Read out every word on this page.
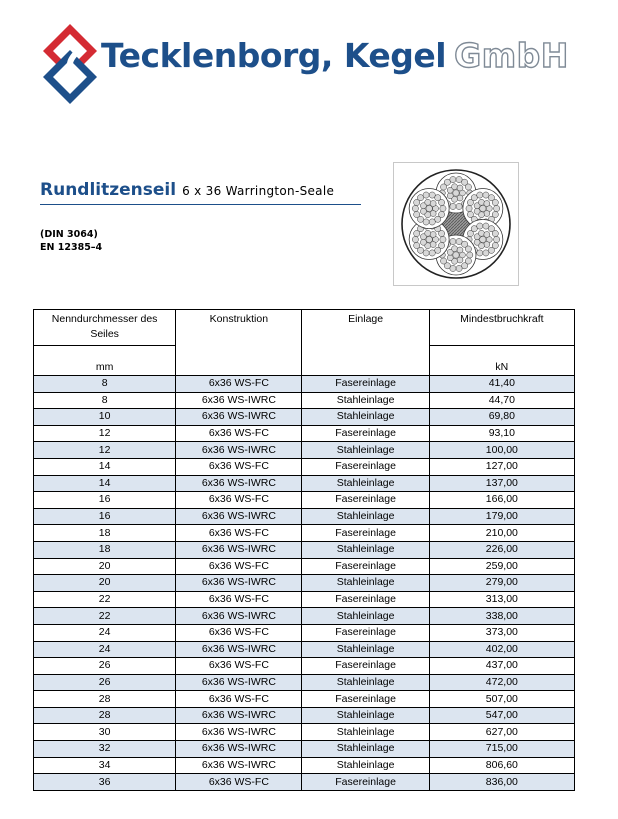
Tecklenborg, Kegel GmbH
Rundlitzenseil 6 x 36 Warrington-Seale
(DIN 3064)
EN 12385–4
Nenndurchmesser des Seiles	Konstruktion	Einlage	Mindestbruchkraft
mm			kN
8	6x36 WS-FC	Fasereinlage	41,40
8	6x36 WS-IWRC	Stahleinlage	44,70
10	6x36 WS-IWRC	Stahleinlage	69,80
12	6x36 WS-FC	Fasereinlage	93,10
12	6x36 WS-IWRC	Stahleinlage	100,00
14	6x36 WS-FC	Fasereinlage	127,00
14	6x36 WS-IWRC	Stahleinlage	137,00
16	6x36 WS-FC	Fasereinlage	166,00
16	6x36 WS-IWRC	Stahleinlage	179,00
18	6x36 WS-FC	Fasereinlage	210,00
18	6x36 WS-IWRC	Stahleinlage	226,00
20	6x36 WS-FC	Fasereinlage	259,00
20	6x36 WS-IWRC	Stahleinlage	279,00
22	6x36 WS-FC	Fasereinlage	313,00
22	6x36 WS-IWRC	Stahleinlage	338,00
24	6x36 WS-FC	Fasereinlage	373,00
24	6x36 WS-IWRC	Stahleinlage	402,00
26	6x36 WS-FC	Fasereinlage	437,00
26	6x36 WS-IWRC	Stahleinlage	472,00
28	6x36 WS-FC	Fasereinlage	507,00
28	6x36 WS-IWRC	Stahleinlage	547,00
30	6x36 WS-IWRC	Stahleinlage	627,00
32	6x36 WS-IWRC	Stahleinlage	715,00
34	6x36 WS-IWRC	Stahleinlage	806,60
36	6x36 WS-FC	Fasereinlage	836,00
